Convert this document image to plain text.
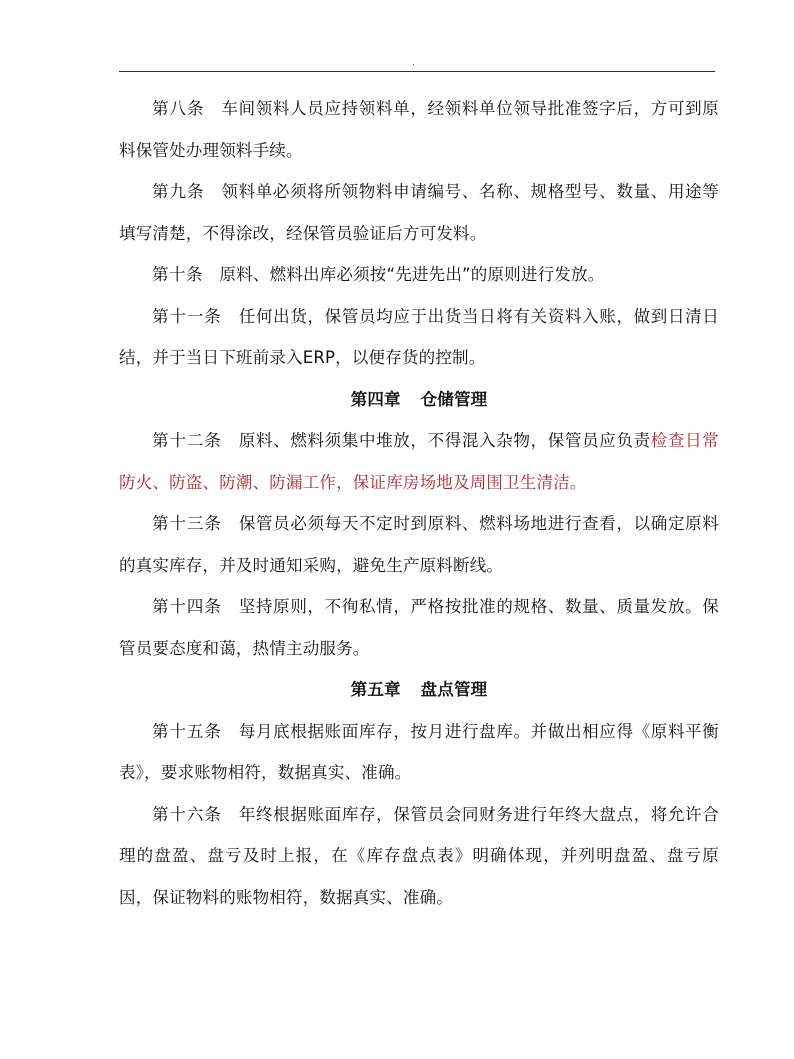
.

第八条 车间领料人员应持领料单，经领料单位领导批准签字后，方可到原料保管处办理领料手续。

第九条 领料单必须将所领物料申请编号、名称、规格型号、数量、用途等填写清楚，不得涂改，经保管员验证后方可发料。

第十条 原料、燃料出库必须按“先进先出”的原则进行发放。

第十一条 任何出货，保管员均应于出货当日将有关资料入账，做到日清日结，并于当日下班前录入ERP，以便存货的控制。

第四章 仓储管理

第十二条 原料、燃料须集中堆放，不得混入杂物，保管员应负责检查日常防火、防盗、防潮、防漏工作，保证库房场地及周围卫生清洁。

第十三条 保管员必须每天不定时到原料、燃料场地进行查看，以确定原料的真实库存，并及时通知采购，避免生产原料断线。

第十四条 坚持原则，不徇私情，严格按批准的规格、数量、质量发放。保管员要态度和蔼，热情主动服务。

第五章 盘点管理

第十五条 每月底根据账面库存，按月进行盘库。并做出相应得《原料平衡表》，要求账物相符，数据真实、准确。

第十六条 年终根据账面库存，保管员会同财务进行年终大盘点，将允许合理的盘盈、盘亏及时上报，在《库存盘点表》明确体现，并列明盘盈、盘亏原因，保证物料的账物相符，数据真实、准确。
